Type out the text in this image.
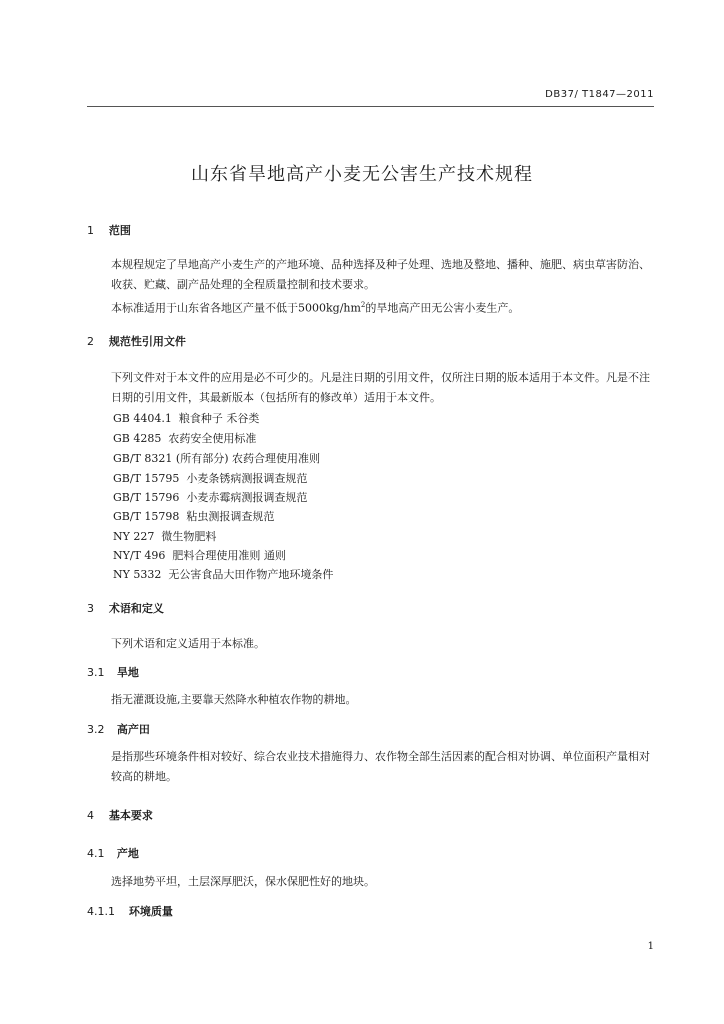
DB37/ T1847—2011
山东省旱地高产小麦无公害生产技术规程
1 范围
本规程规定了旱地高产小麦生产的产地环境、品种选择及种子处理、选地及整地、播种、施肥、病虫草害防治、收获、贮藏、副产品处理的全程质量控制和技术要求。
本标准适用于山东省各地区产量不低于$5000kg/hm^2$的旱地高产田无公害小麦生产。
2 规范性引用文件
下列文件对于本文件的应用是必不可少的。凡是注日期的引用文件，仅所注日期的版本适用于本文件。凡是不注日期的引用文件，其最新版本（包括所有的修改单）适用于本文件。
GB 4404.1  粮食种子 禾谷类
GB 4285  农药安全使用标准
GB/T 8321 (所有部分) 农药合理使用准则
GB/T 15795  小麦条锈病测报调查规范
GB/T 15796  小麦赤霉病测报调查规范
GB/T 15798  粘虫测报调查规范
NY 227  微生物肥料
NY/T 496  肥料合理使用准则 通则
NY 5332  无公害食品大田作物产地环境条件
3 术语和定义
下列术语和定义适用于本标准。
3.1 旱地
指无灌溉设施,主要靠天然降水种植农作物的耕地。
3.2 高产田
是指那些环境条件相对较好、综合农业技术措施得力、农作物全部生活因素的配合相对协调、单位面积产量相对较高的耕地。
4 基本要求
4.1 产地
选择地势平坦，土层深厚肥沃，保水保肥性好的地块。
4.1.1 环境质量
1
